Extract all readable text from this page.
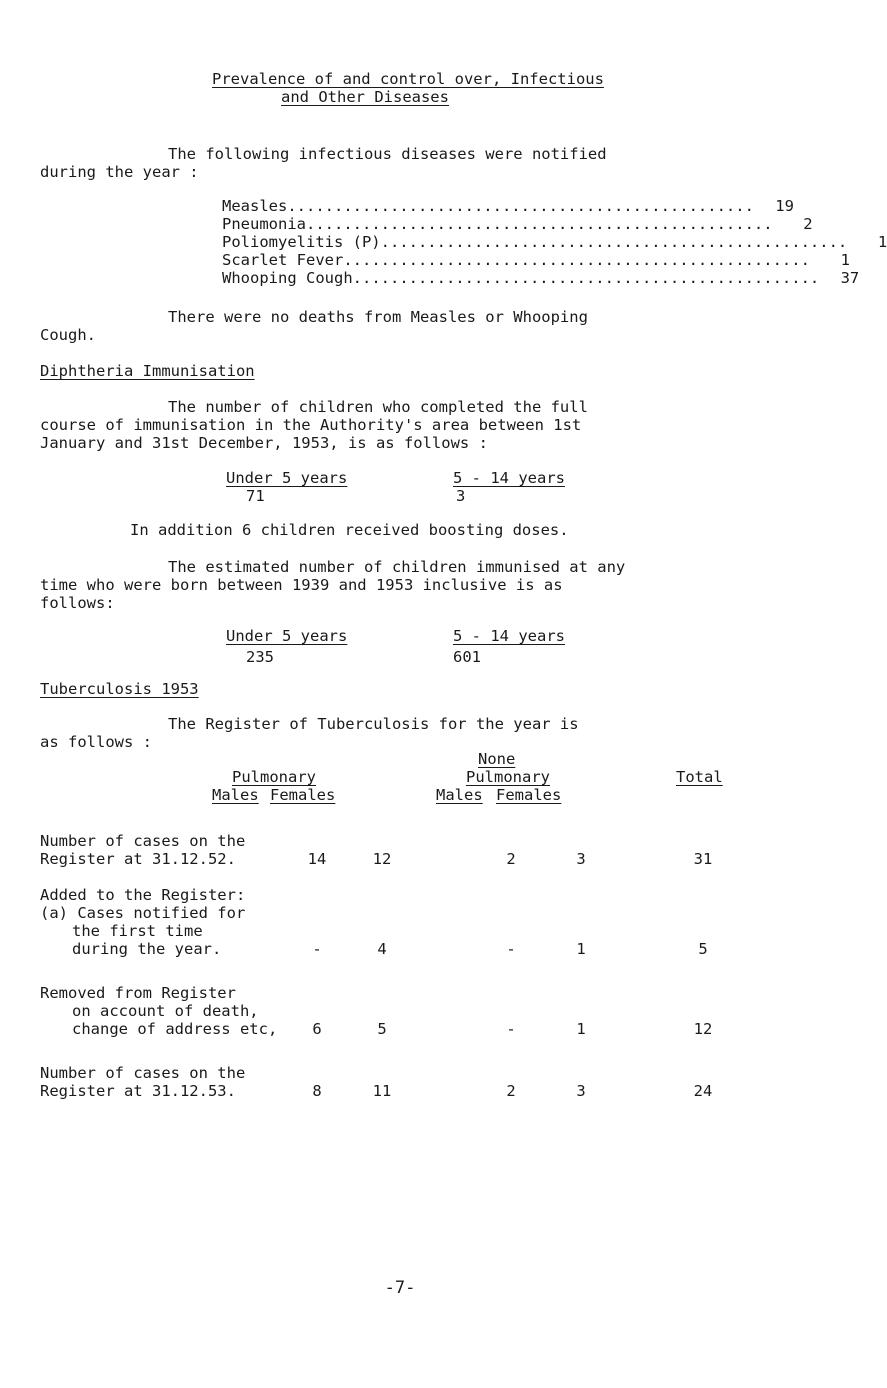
Prevalence of and control over, Infectious
and Other Diseases
The following infectious diseases were notified
during the year :
Measles ..................................................	19
Pneumonia ..................................................	2
Poliomyelitis (P) ..................................................	1
Scarlet Fever ..................................................	1
Whooping Cough ..................................................	37
There were no deaths from Measles or Whooping
Cough.
Diphtheria Immunisation
The number of children who completed the full
course of immunisation in the Authority's area between 1st
January and 31st December, 1953, is as follows :
Under 5 years	5 - 14 years
71	3
In addition 6 children received boosting doses.
The estimated number of children immunised at any
time who were born between 1939 and 1953 inclusive is as
follows:
Under 5 years	5 - 14 years
235	601
Tuberculosis 1953
The Register of Tuberculosis for the year is
as follows :
None
Pulmonary	Pulmonary	Total
Males Females	Males Females
Number of cases on the
Register at 31.12.52.	14	12	2	3	31
Added to the Register:
(a) Cases notified for
the first time
during the year.	-	4	-	1	5
Removed from Register
on account of death,
change of address etc,	6	5	-	1	12
Number of cases on the
Register at 31.12.53.	8	11	2	3	24
-7-
